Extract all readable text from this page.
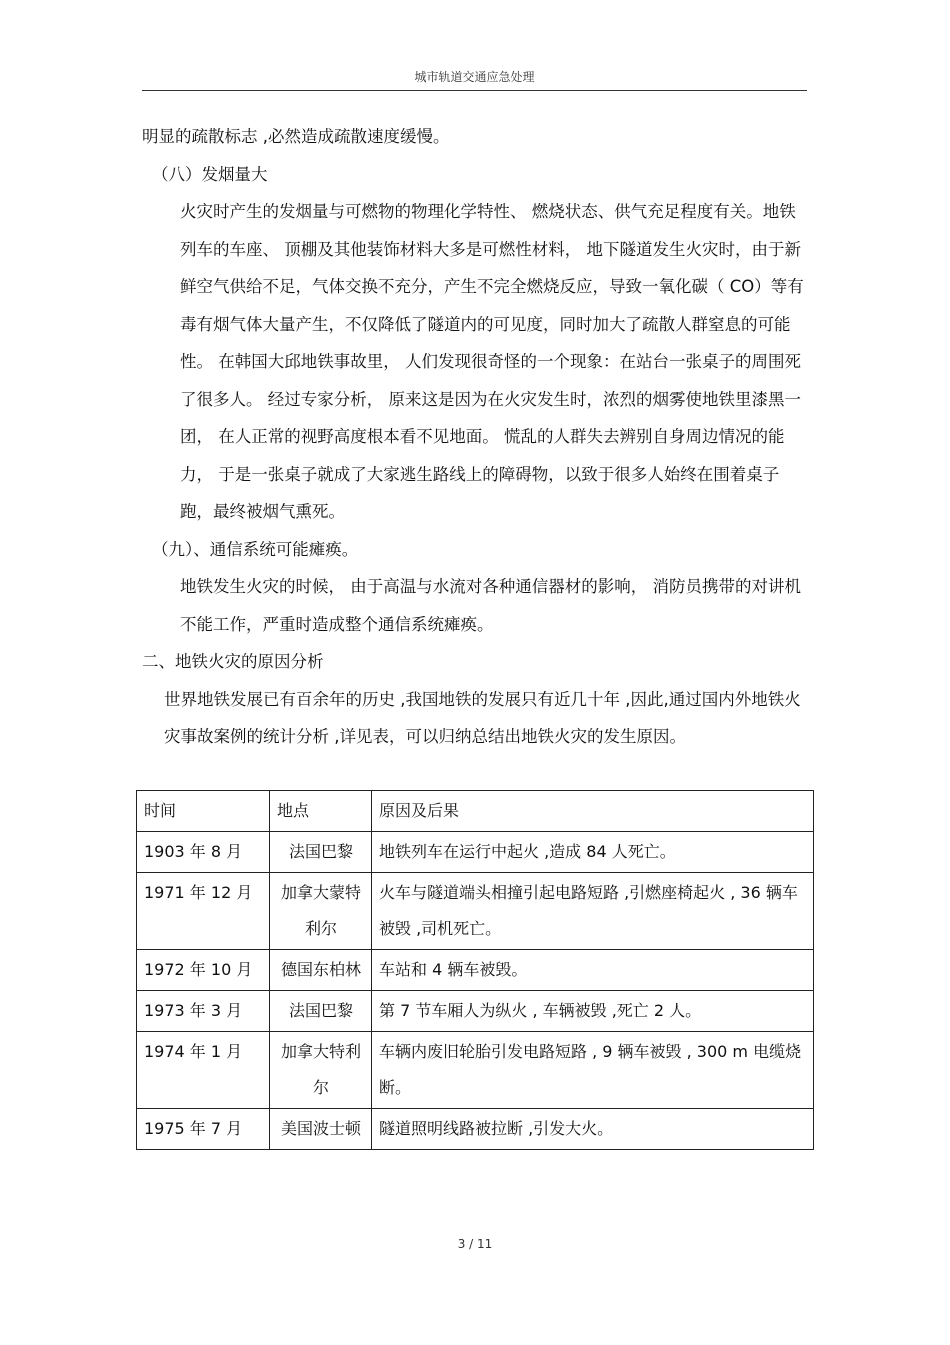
城市轨道交通应急处理

明显的疏散标志 ,必然造成疏散速度缓慢。

（八）发烟量大

火灾时产生的发烟量与可燃物的物理化学特性、 燃烧状态、供气充足程度有关。地铁列车的车座、 顶棚及其他装饰材料大多是可燃性材料， 地下隧道发生火灾时，由于新鲜空气供给不足，气体交换不充分，产生不完全燃烧反应，导致一氧化碳（ CO）等有毒有烟气体大量产生，不仅降低了隧道内的可见度，同时加大了疏散人群窒息的可能性。 在韩国大邱地铁事故里， 人们发现很奇怪的一个现象：在站台一张桌子的周围死了很多人。 经过专家分析， 原来这是因为在火灾发生时，浓烈的烟雾使地铁里漆黑一团， 在人正常的视野高度根本看不见地面。 慌乱的人群失去辨别自身周边情况的能力， 于是一张桌子就成了大家逃生路线上的障碍物，以致于很多人始终在围着桌子跑，最终被烟气熏死。

（九）、通信系统可能瘫痪。

地铁发生火灾的时候， 由于高温与水流对各种通信器材的影响， 消防员携带的对讲机不能工作，严重时造成整个通信系统瘫痪。

二、地铁火灾的原因分析

世界地铁发展已有百余年的历史 ,我国地铁的发展只有近几十年 ,因此,通过国内外地铁火灾事故案例的统计分析 ,详见表，可以归纳总结出地铁火灾的发生原因。

时间	地点	原因及后果
1903 年 8 月	法国巴黎	地铁列车在运行中起火 ,造成 84 人死亡。
1971 年 12 月	加拿大蒙特利尔	火车与隧道端头相撞引起电路短路 ,引燃座椅起火 , 36 辆车被毁 ,司机死亡。
1972 年 10 月	德国东柏林	车站和 4 辆车被毁。
1973 年 3 月	法国巴黎	第 7 节车厢人为纵火 , 车辆被毁 ,死亡 2 人。
1974 年 1 月	加拿大特利尔	车辆内废旧轮胎引发电路短路 , 9 辆车被毁 , 300 m 电缆烧断。
1975 年 7 月	美国波士顿	隧道照明线路被拉断 ,引发大火。
3 / 11
